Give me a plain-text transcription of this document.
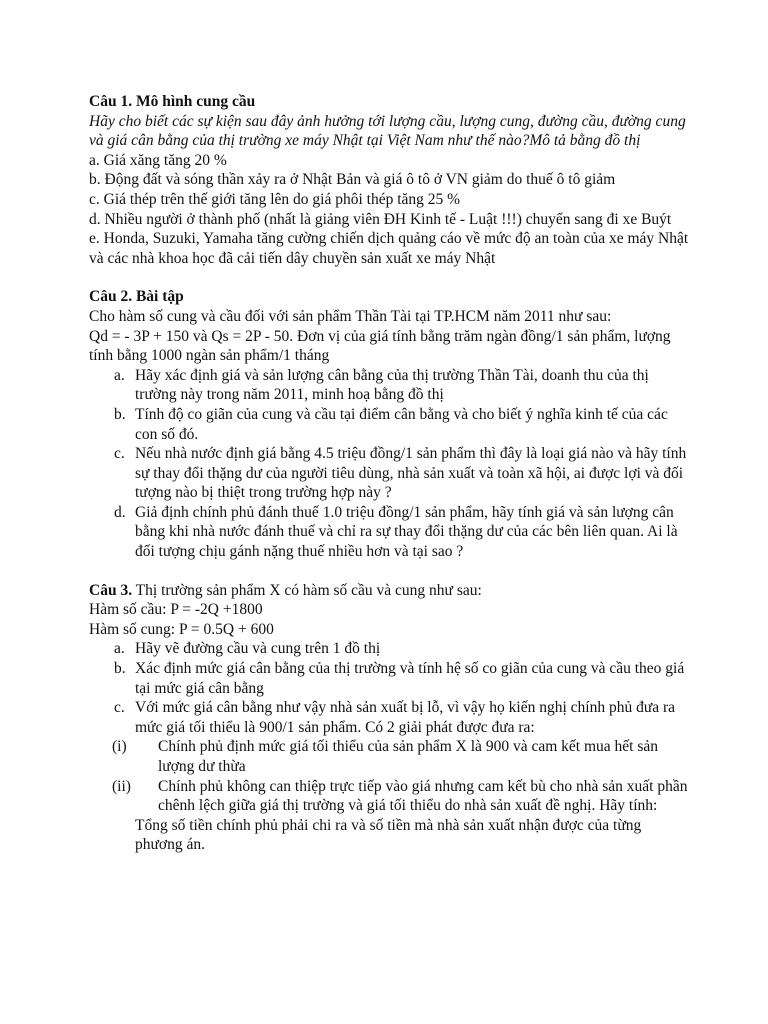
Câu 1. Mô hình cung cầu

Hãy cho biết các sự kiện sau đây ảnh hưởng tới lượng cầu, lượng cung, đường cầu, đường cung và giá cân bằng của thị trường xe máy Nhật tại Việt Nam như thế nào?Mô tả bằng đồ thị

a. Giá xăng tăng 20 %

b. Động đất và sóng thần xảy ra ở Nhật Bản và giá ô tô ở VN giảm do thuế ô tô giảm

c. Giá thép trên thế giới tăng lên do giá phôi thép tăng 25 %

d. Nhiều người ở thành phố (nhất là giảng viên ĐH Kinh tế - Luật !!!) chuyển sang đi xe Buýt

e. Honda, Suzuki, Yamaha tăng cường chiến dịch quảng cáo về mức độ an toàn của xe máy Nhật và các nhà khoa học đã cải tiến dây chuyền sản xuất xe máy Nhật

Câu 2. Bài tập

Cho hàm số cung và cầu đối với sản phẩm Thần Tài tại TP.HCM năm 2011 như sau:

Qd = - 3P + 150 và Qs = 2P - 50. Đơn vị của giá tính bằng trăm ngàn đồng/1 sản phẩm, lượng tính bằng 1000 ngàn sản phẩm/1 tháng

a. Hãy xác định giá và sản lượng cân bằng của thị trường Thần Tài, doanh thu của thị trường này trong năm 2011, minh hoạ bằng đồ thị
b. Tính độ co giãn của cung và cầu tại điểm cân bằng và cho biết ý nghĩa kinh tế của các con số đó.
c. Nếu nhà nước định giá bằng 4.5 triệu đồng/1 sản phẩm thì đây là loại giá nào và hãy tính sự thay đổi thặng dư của người tiêu dùng, nhà sản xuất và toàn xã hội, ai được lợi và đối tượng nào bị thiệt trong trường hợp này ?
d. Giả định chính phủ đánh thuế 1.0 triệu đồng/1 sản phẩm, hãy tính giá và sản lượng cân bằng khi nhà nước đánh thuế và chỉ ra sự thay đổi thặng dư của các bên liên quan. Ai là đối tượng chịu gánh nặng thuế nhiều hơn và tại sao ?

Câu 3. Thị trường sản phẩm X có hàm số cầu và cung như sau:

Hàm số cầu: P = -2Q +1800

Hàm số cung: P = 0.5Q + 600

a. Hãy vẽ đường cầu và cung trên 1 đồ thị
b. Xác định mức giá cân bằng của thị trường và tính hệ số co giãn của cung và cầu theo giá tại mức giá cân bằng
c. Với mức giá cân bằng như vậy nhà sản xuất bị lỗ, vì vậy họ kiến nghị chính phủ đưa ra mức giá tối thiểu là 900/1 sản phẩm. Có 2 giải phát được đưa ra:
(i)	Chính phủ định mức giá tối thiểu của sản phẩm X là 900 và cam kết mua hết sản lượng dư thừa
(ii)	Chính phủ không can thiệp trực tiếp vào giá nhưng cam kết bù cho nhà sản xuất phần chênh lệch giữa giá thị trường và giá tối thiểu do nhà sản xuất đề nghị. Hãy tính:

Tổng số tiền chính phủ phải chi ra và số tiền mà nhà sản xuất nhận được của từng phương án.
